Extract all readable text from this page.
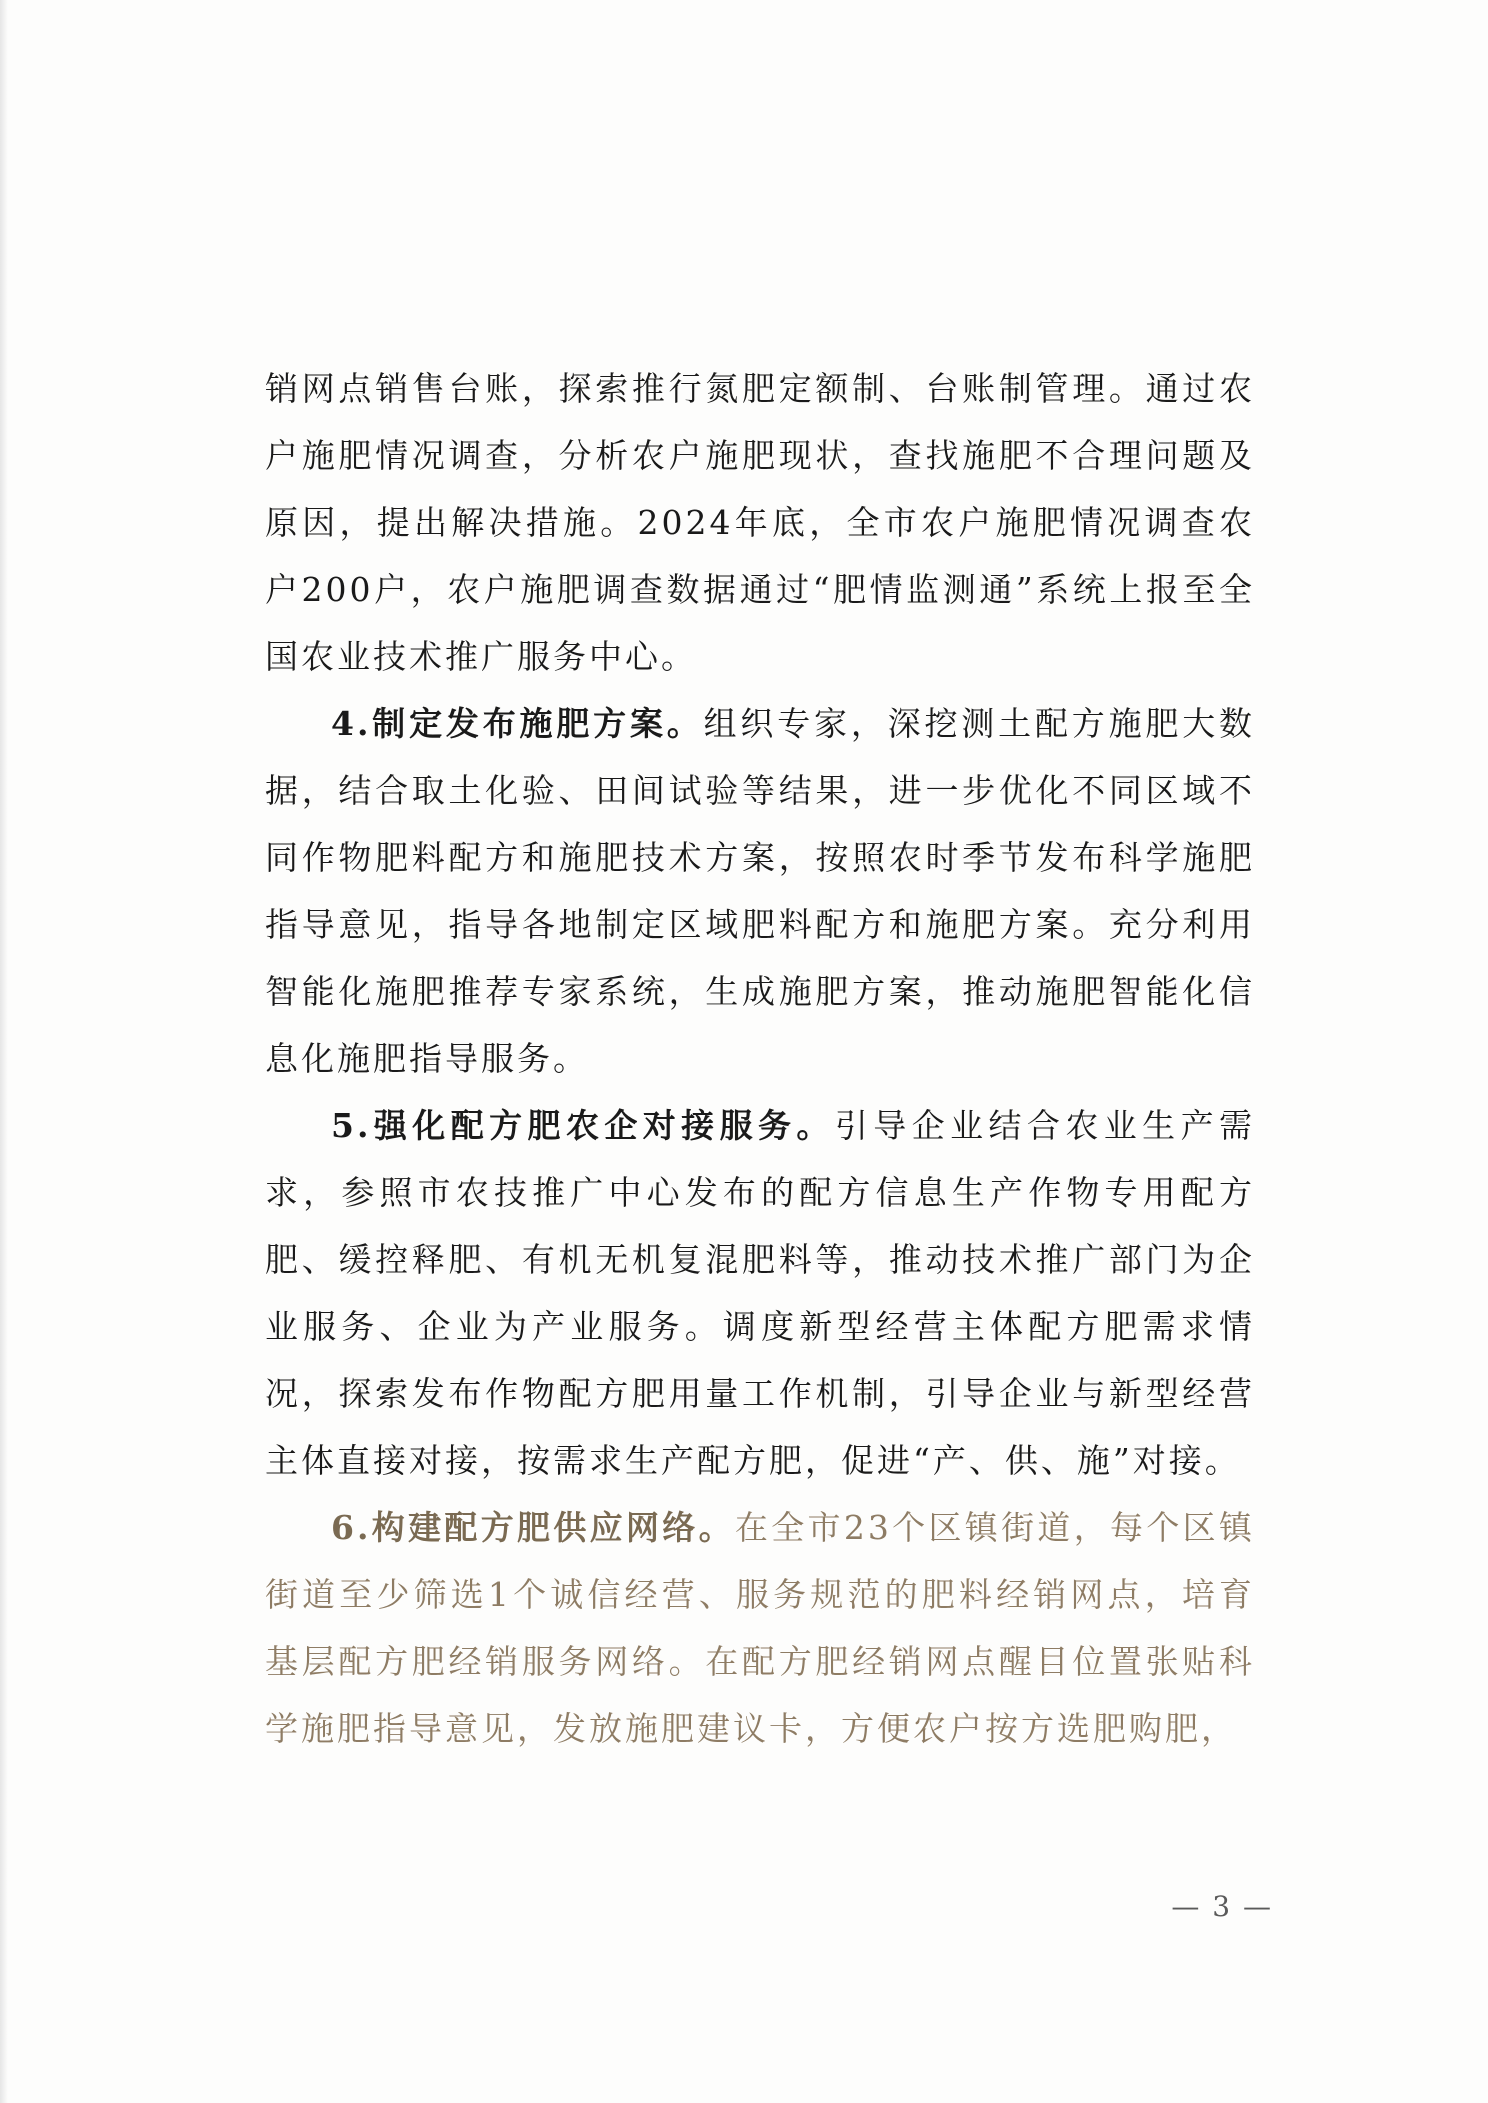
销网点销售台账，探索推行氮肥定额制、台账制管理。通过农户施肥情况调查，分析农户施肥现状，查找施肥不合理问题及原因，提出解决措施。2024年底，全市农户施肥情况调查农户200户，农户施肥调查数据通过“肥情监测通”系统上报至全国农业技术推广服务中心。

4.制定发布施肥方案。组织专家，深挖测土配方施肥大数据，结合取土化验、田间试验等结果，进一步优化不同区域不同作物肥料配方和施肥技术方案，按照农时季节发布科学施肥指导意见，指导各地制定区域肥料配方和施肥方案。充分利用智能化施肥推荐专家系统，生成施肥方案，推动施肥智能化信息化施肥指导服务。

5.强化配方肥农企对接服务。引导企业结合农业生产需求，参照市农技推广中心发布的配方信息生产作物专用配方肥、缓控释肥、有机无机复混肥料等，推动技术推广部门为企业服务、企业为产业服务。调度新型经营主体配方肥需求情况，探索发布作物配方肥用量工作机制，引导企业与新型经营主体直接对接，按需求生产配方肥，促进“产、供、施”对接。

6.构建配方肥供应网络。在全市23个区镇街道，每个区镇街道至少筛选1个诚信经营、服务规范的肥料经销网点，培育基层配方肥经销服务网络。在配方肥经销网点醒目位置张贴科学施肥指导意见，发放施肥建议卡，方便农户按方选肥购肥，

— 3 —
